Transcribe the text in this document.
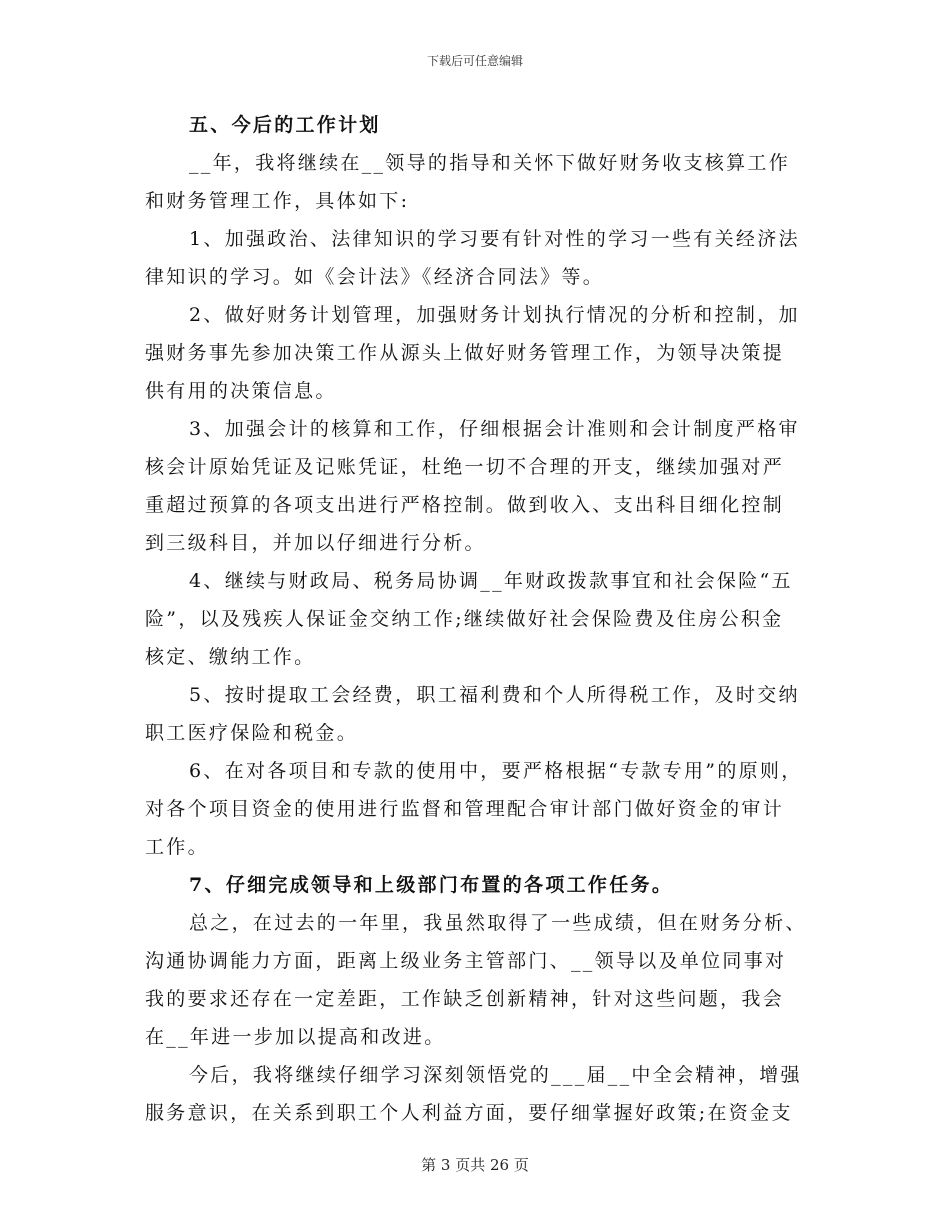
下载后可任意编辑
五、今后的工作计划
__年，我将继续在__领导的指导和关怀下做好财务收支核算工作
和财务管理工作，具体如下:
1、加强政治、法律知识的学习要有针对性的学习一些有关经济法
律知识的学习。如《会计法》《经济合同法》等。
2、做好财务计划管理，加强财务计划执行情况的分析和控制，加
强财务事先参加决策工作从源头上做好财务管理工作，为领导决策提
供有用的决策信息。
3、加强会计的核算和工作，仔细根据会计准则和会计制度严格审
核会计原始凭证及记账凭证，杜绝一切不合理的开支，继续加强对严
重超过预算的各项支出进行严格控制。做到收入、支出科目细化控制
到三级科目，并加以仔细进行分析。
4、继续与财政局、税务局协调__年财政拨款事宜和社会保险“五
险”，以及残疾人保证金交纳工作;继续做好社会保险费及住房公积金
核定、缴纳工作。
5、按时提取工会经费，职工福利费和个人所得税工作，及时交纳
职工医疗保险和税金。
6、在对各项目和专款的使用中，要严格根据“专款专用”的原则，
对各个项目资金的使用进行监督和管理配合审计部门做好资金的审计
工作。
7、仔细完成领导和上级部门布置的各项工作任务。
总之，在过去的一年里，我虽然取得了一些成绩，但在财务分析、
沟通协调能力方面，距离上级业务主管部门、__领导以及单位同事对
我的要求还存在一定差距，工作缺乏创新精神，针对这些问题，我会
在__年进一步加以提高和改进。
今后，我将继续仔细学习深刻领悟党的___届__中全会精神，增强
服务意识，在关系到职工个人利益方面，要仔细掌握好政策;在资金支
第 3 页共 26 页
